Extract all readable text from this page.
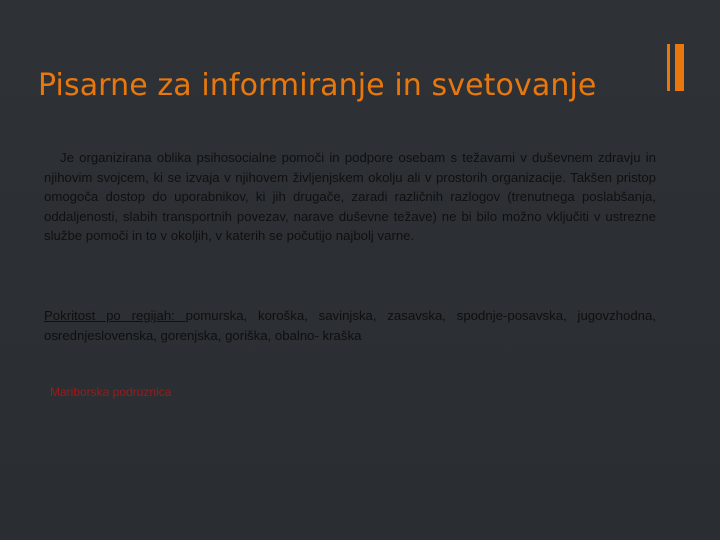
Pisarne za informiranje in svetovanje
Je organizirana oblika psihosocialne pomoči in podpore osebam s težavami v duševnem zdravju in njihovim svojcem, ki se izvaja v njihovem življenjskem okolju ali v prostorih organizacije. Takšen pristop omogoča dostop do uporabnikov, ki jih drugače, zaradi različnih razlogov (trenutnega poslabšanja, oddaljenosti, slabih transportnih povezav, narave duševne težave) ne bi bilo možno vključiti v ustrezne službe pomoči in to v okoljih, v katerih se počutijo najbolj varne.
Pokritost po regijah: pomurska, koroška, savinjska, zasavska, spodnje-posavska, jugovzhodna, osrednjeslovenska, gorenjska, goriška, obalno- kraška
Mariborska podruznica
